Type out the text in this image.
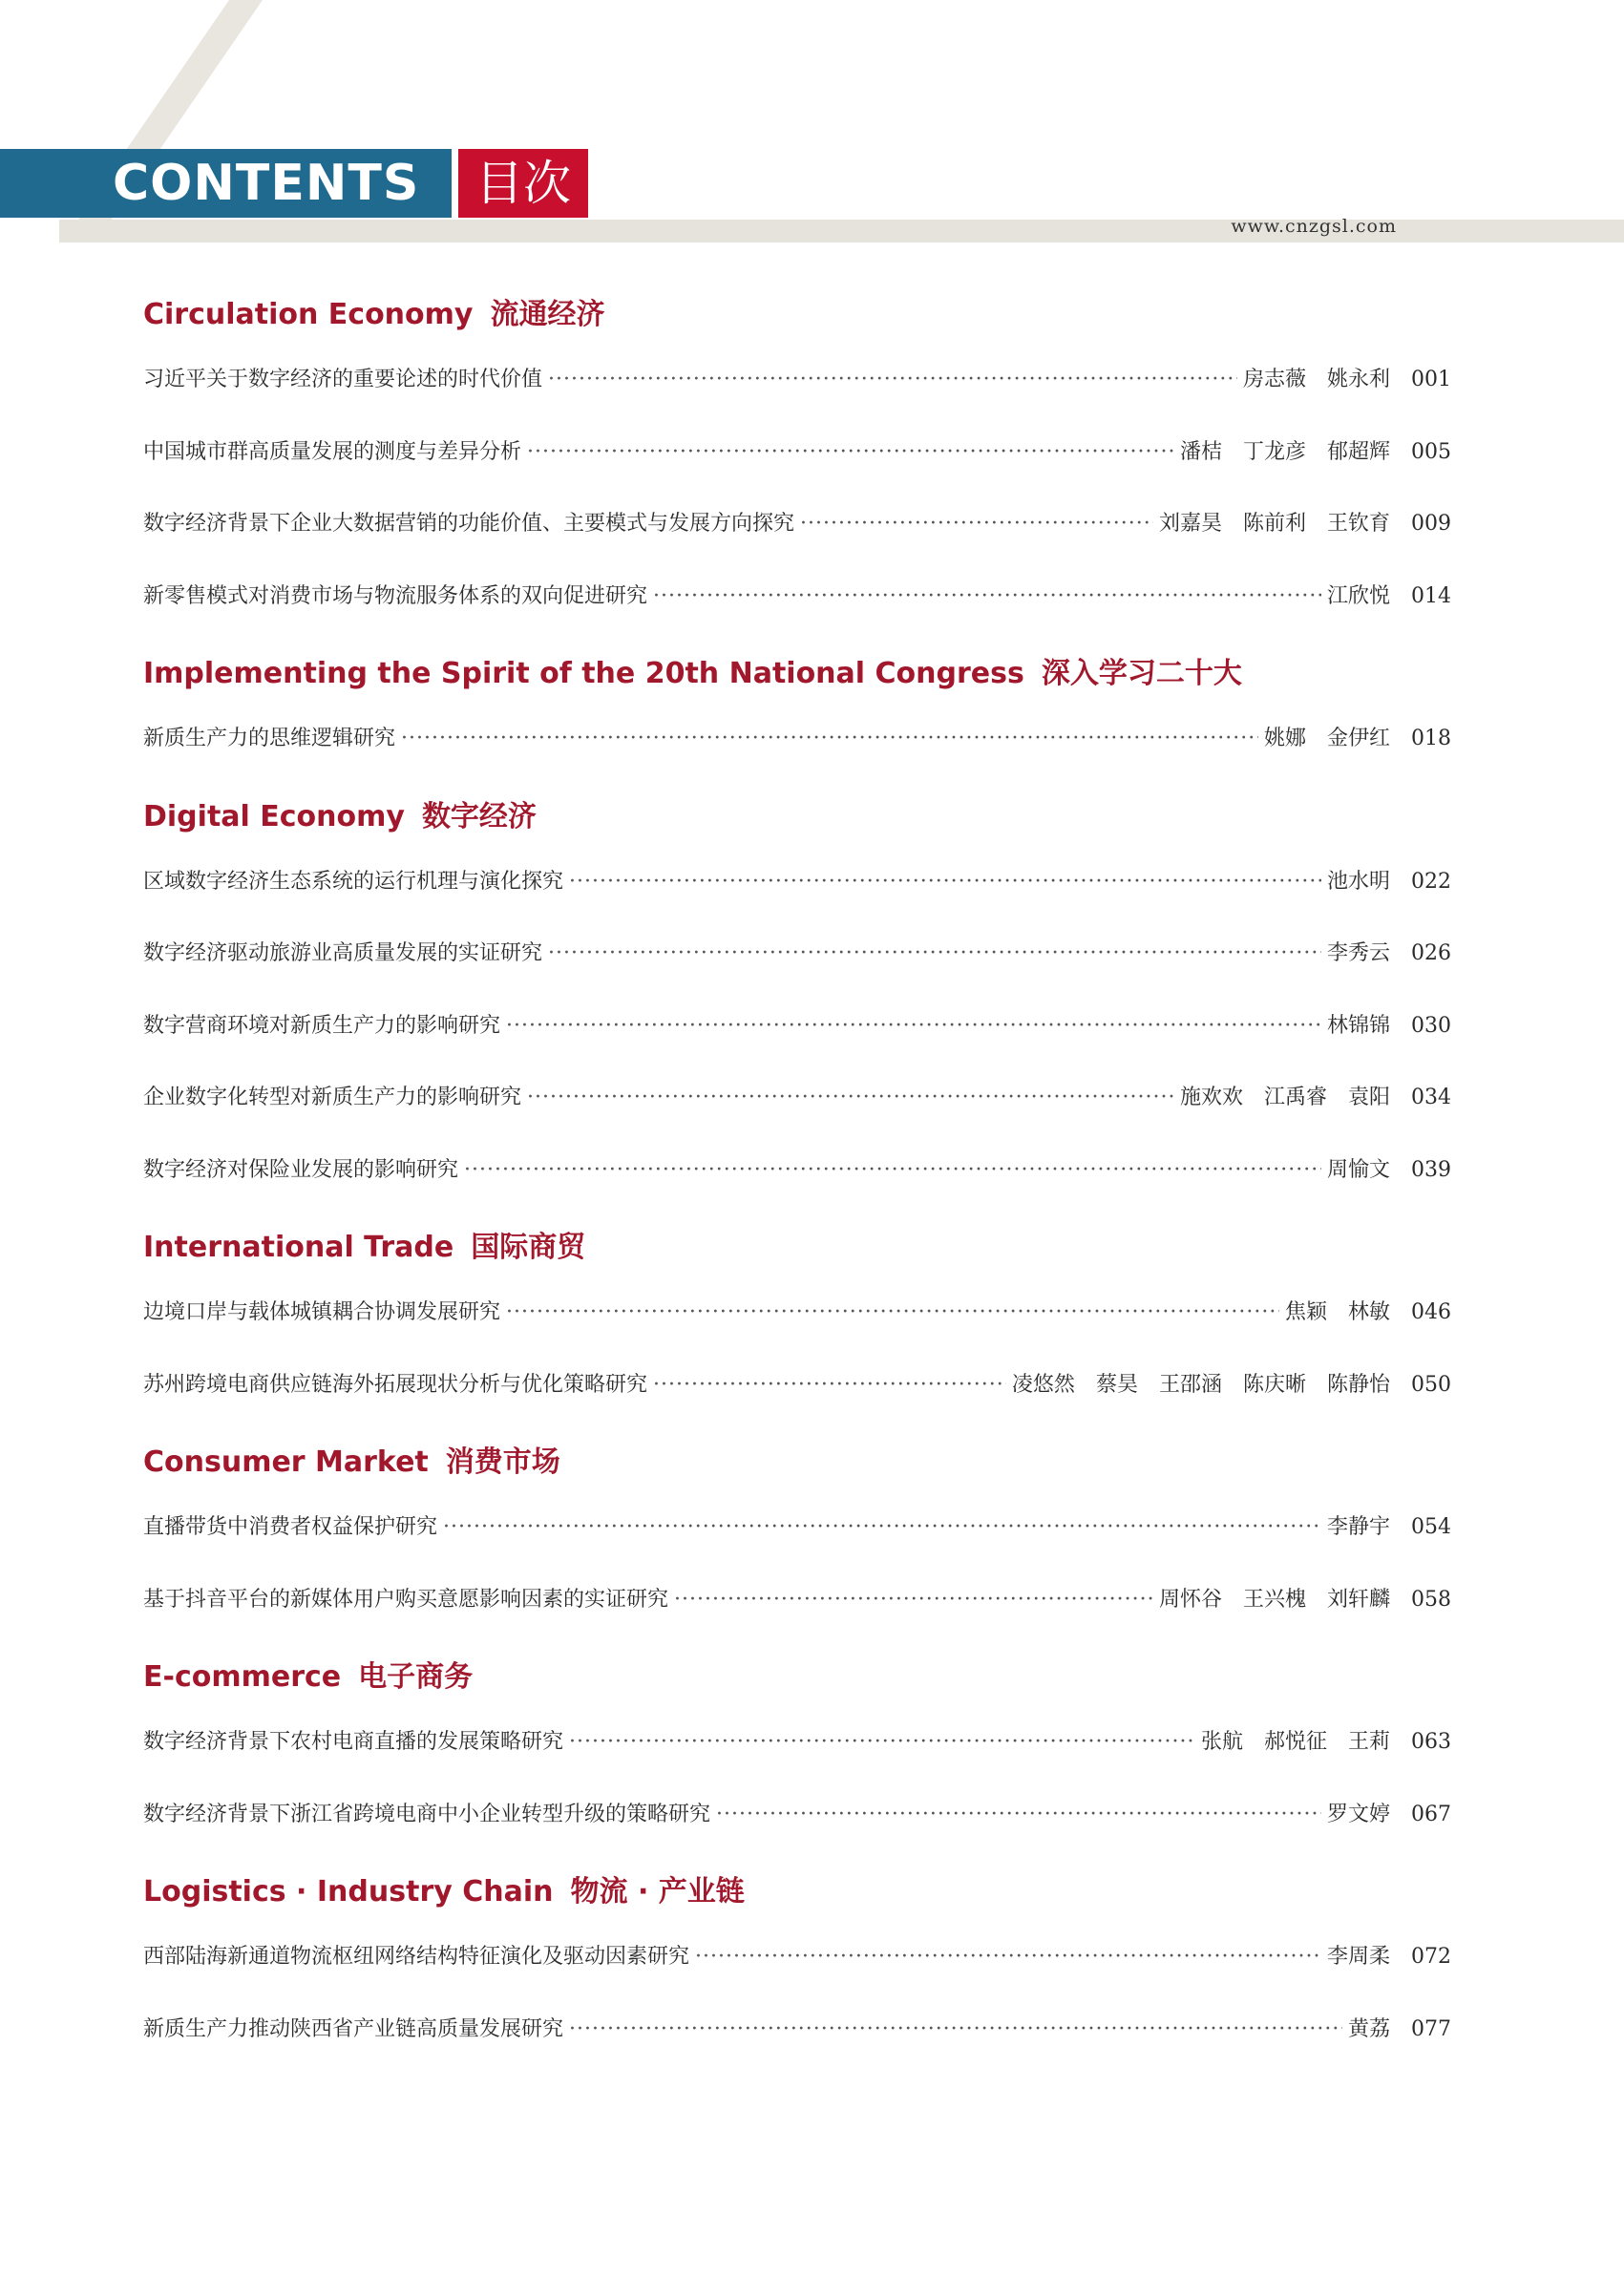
CONTENTS	目次
www.cnzgsl.com
Circulation Economy 流通经济
习近平关于数字经济的重要论述的时代价值 ·····	房志薇 姚永利 001
中国城市群高质量发展的测度与差异分析 ·····	潘桔 丁龙彦 郁超辉 005
数字经济背景下企业大数据营销的功能价值、主要模式与发展方向探究 ·····	刘嘉昊 陈前利 王钦育 009
新零售模式对消费市场与物流服务体系的双向促进研究 ·····	江欣悦 014
Implementing the Spirit of the 20th National Congress 深入学习二十大
新质生产力的思维逻辑研究 ·····	姚娜 金伊红 018
Digital Economy 数字经济
区域数字经济生态系统的运行机理与演化探究 ·····	池水明 022
数字经济驱动旅游业高质量发展的实证研究 ·····	李秀云 026
数字营商环境对新质生产力的影响研究 ·····	林锦锦 030
企业数字化转型对新质生产力的影响研究 ·····	施欢欢 江禹睿 袁阳 034
数字经济对保险业发展的影响研究 ·····	周愉文 039
International Trade 国际商贸
边境口岸与载体城镇耦合协调发展研究 ·····	焦颖 林敏 046
苏州跨境电商供应链海外拓展现状分析与优化策略研究 ·····	凌悠然 蔡昊 王邵涵 陈庆晰 陈静怡 050
Consumer Market 消费市场
直播带货中消费者权益保护研究 ·····	李静宇 054
基于抖音平台的新媒体用户购买意愿影响因素的实证研究 ·····	周怀谷 王兴槐 刘轩麟 058
E-commerce 电子商务
数字经济背景下农村电商直播的发展策略研究 ·····	张航 郝悦征 王莉 063
数字经济背景下浙江省跨境电商中小企业转型升级的策略研究 ·····	罗文婷 067
Logistics · Industry Chain 物流 · 产业链
西部陆海新通道物流枢纽网络结构特征演化及驱动因素研究 ·····	李周柔 072
新质生产力推动陕西省产业链高质量发展研究 ·····	黄荔 077
